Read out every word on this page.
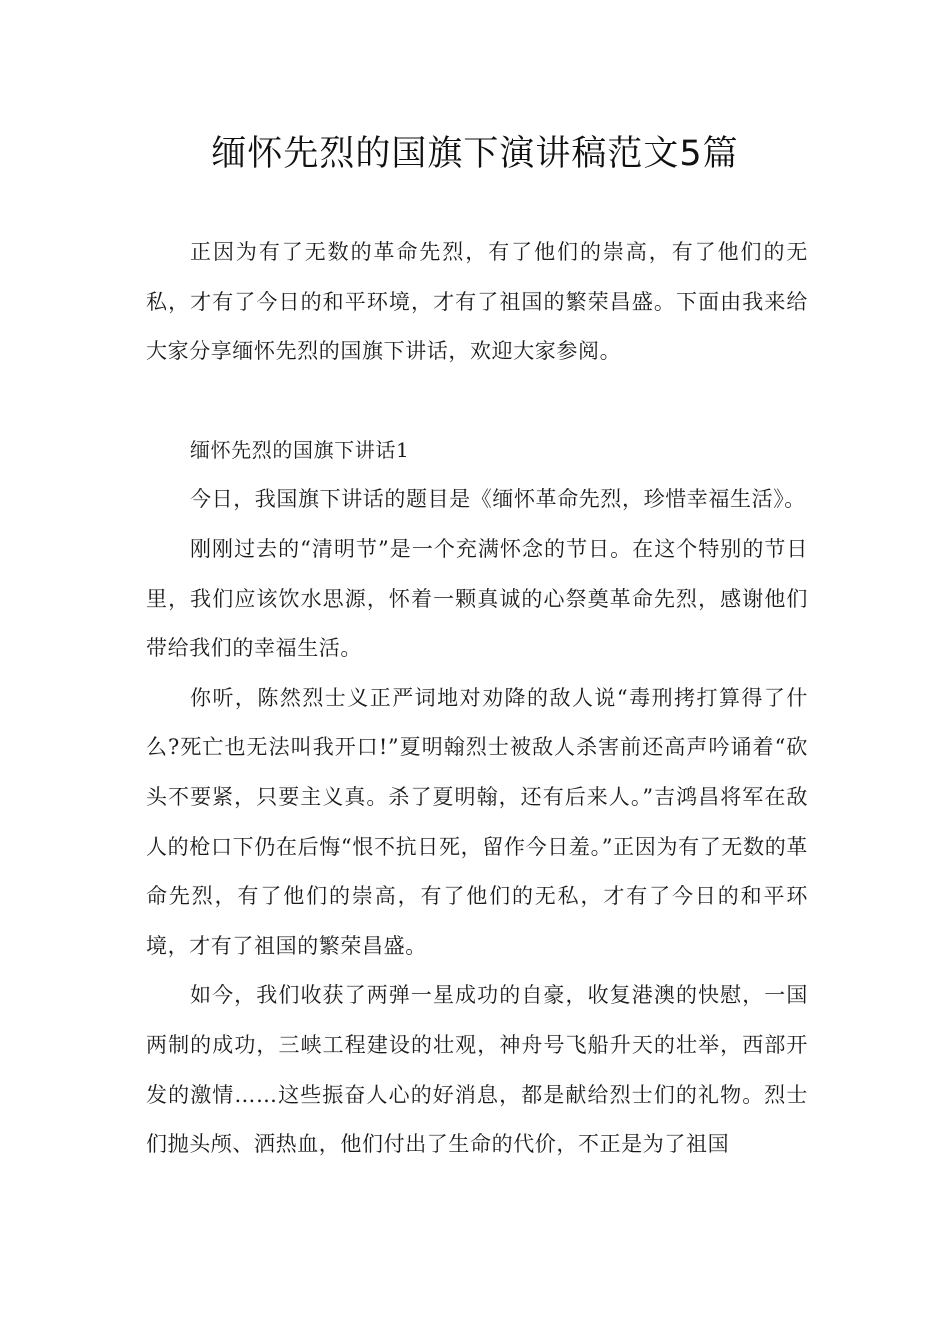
缅怀先烈的国旗下演讲稿范文5篇

正因为有了无数的革命先烈，有了他们的崇高，有了他们的无私，才有了今日的和平环境，才有了祖国的繁荣昌盛。下面由我来给大家分享缅怀先烈的国旗下讲话，欢迎大家参阅。

缅怀先烈的国旗下讲话1

今日，我国旗下讲话的题目是《缅怀革命先烈，珍惜幸福生活》。

刚刚过去的“清明节”是一个充满怀念的节日。在这个特别的节日里，我们应该饮水思源，怀着一颗真诚的心祭奠革命先烈，感谢他们带给我们的幸福生活。

你听，陈然烈士义正严词地对劝降的敌人说“毒刑拷打算得了什么?死亡也无法叫我开口!”夏明翰烈士被敌人杀害前还高声吟诵着“砍头不要紧，只要主义真。杀了夏明翰，还有后来人。”吉鸿昌将军在敌人的枪口下仍在后悔“恨不抗日死，留作今日羞。”正因为有了无数的革命先烈，有了他们的崇高，有了他们的无私，才有了今日的和平环境，才有了祖国的繁荣昌盛。

如今，我们收获了两弹一星成功的自豪，收复港澳的快慰，一国两制的成功，三峡工程建设的壮观，神舟号飞船升天的壮举，西部开发的激情……这些振奋人心的好消息，都是献给烈士们的礼物。烈士们抛头颅、洒热血，他们付出了生命的代价，不正是为了祖国
